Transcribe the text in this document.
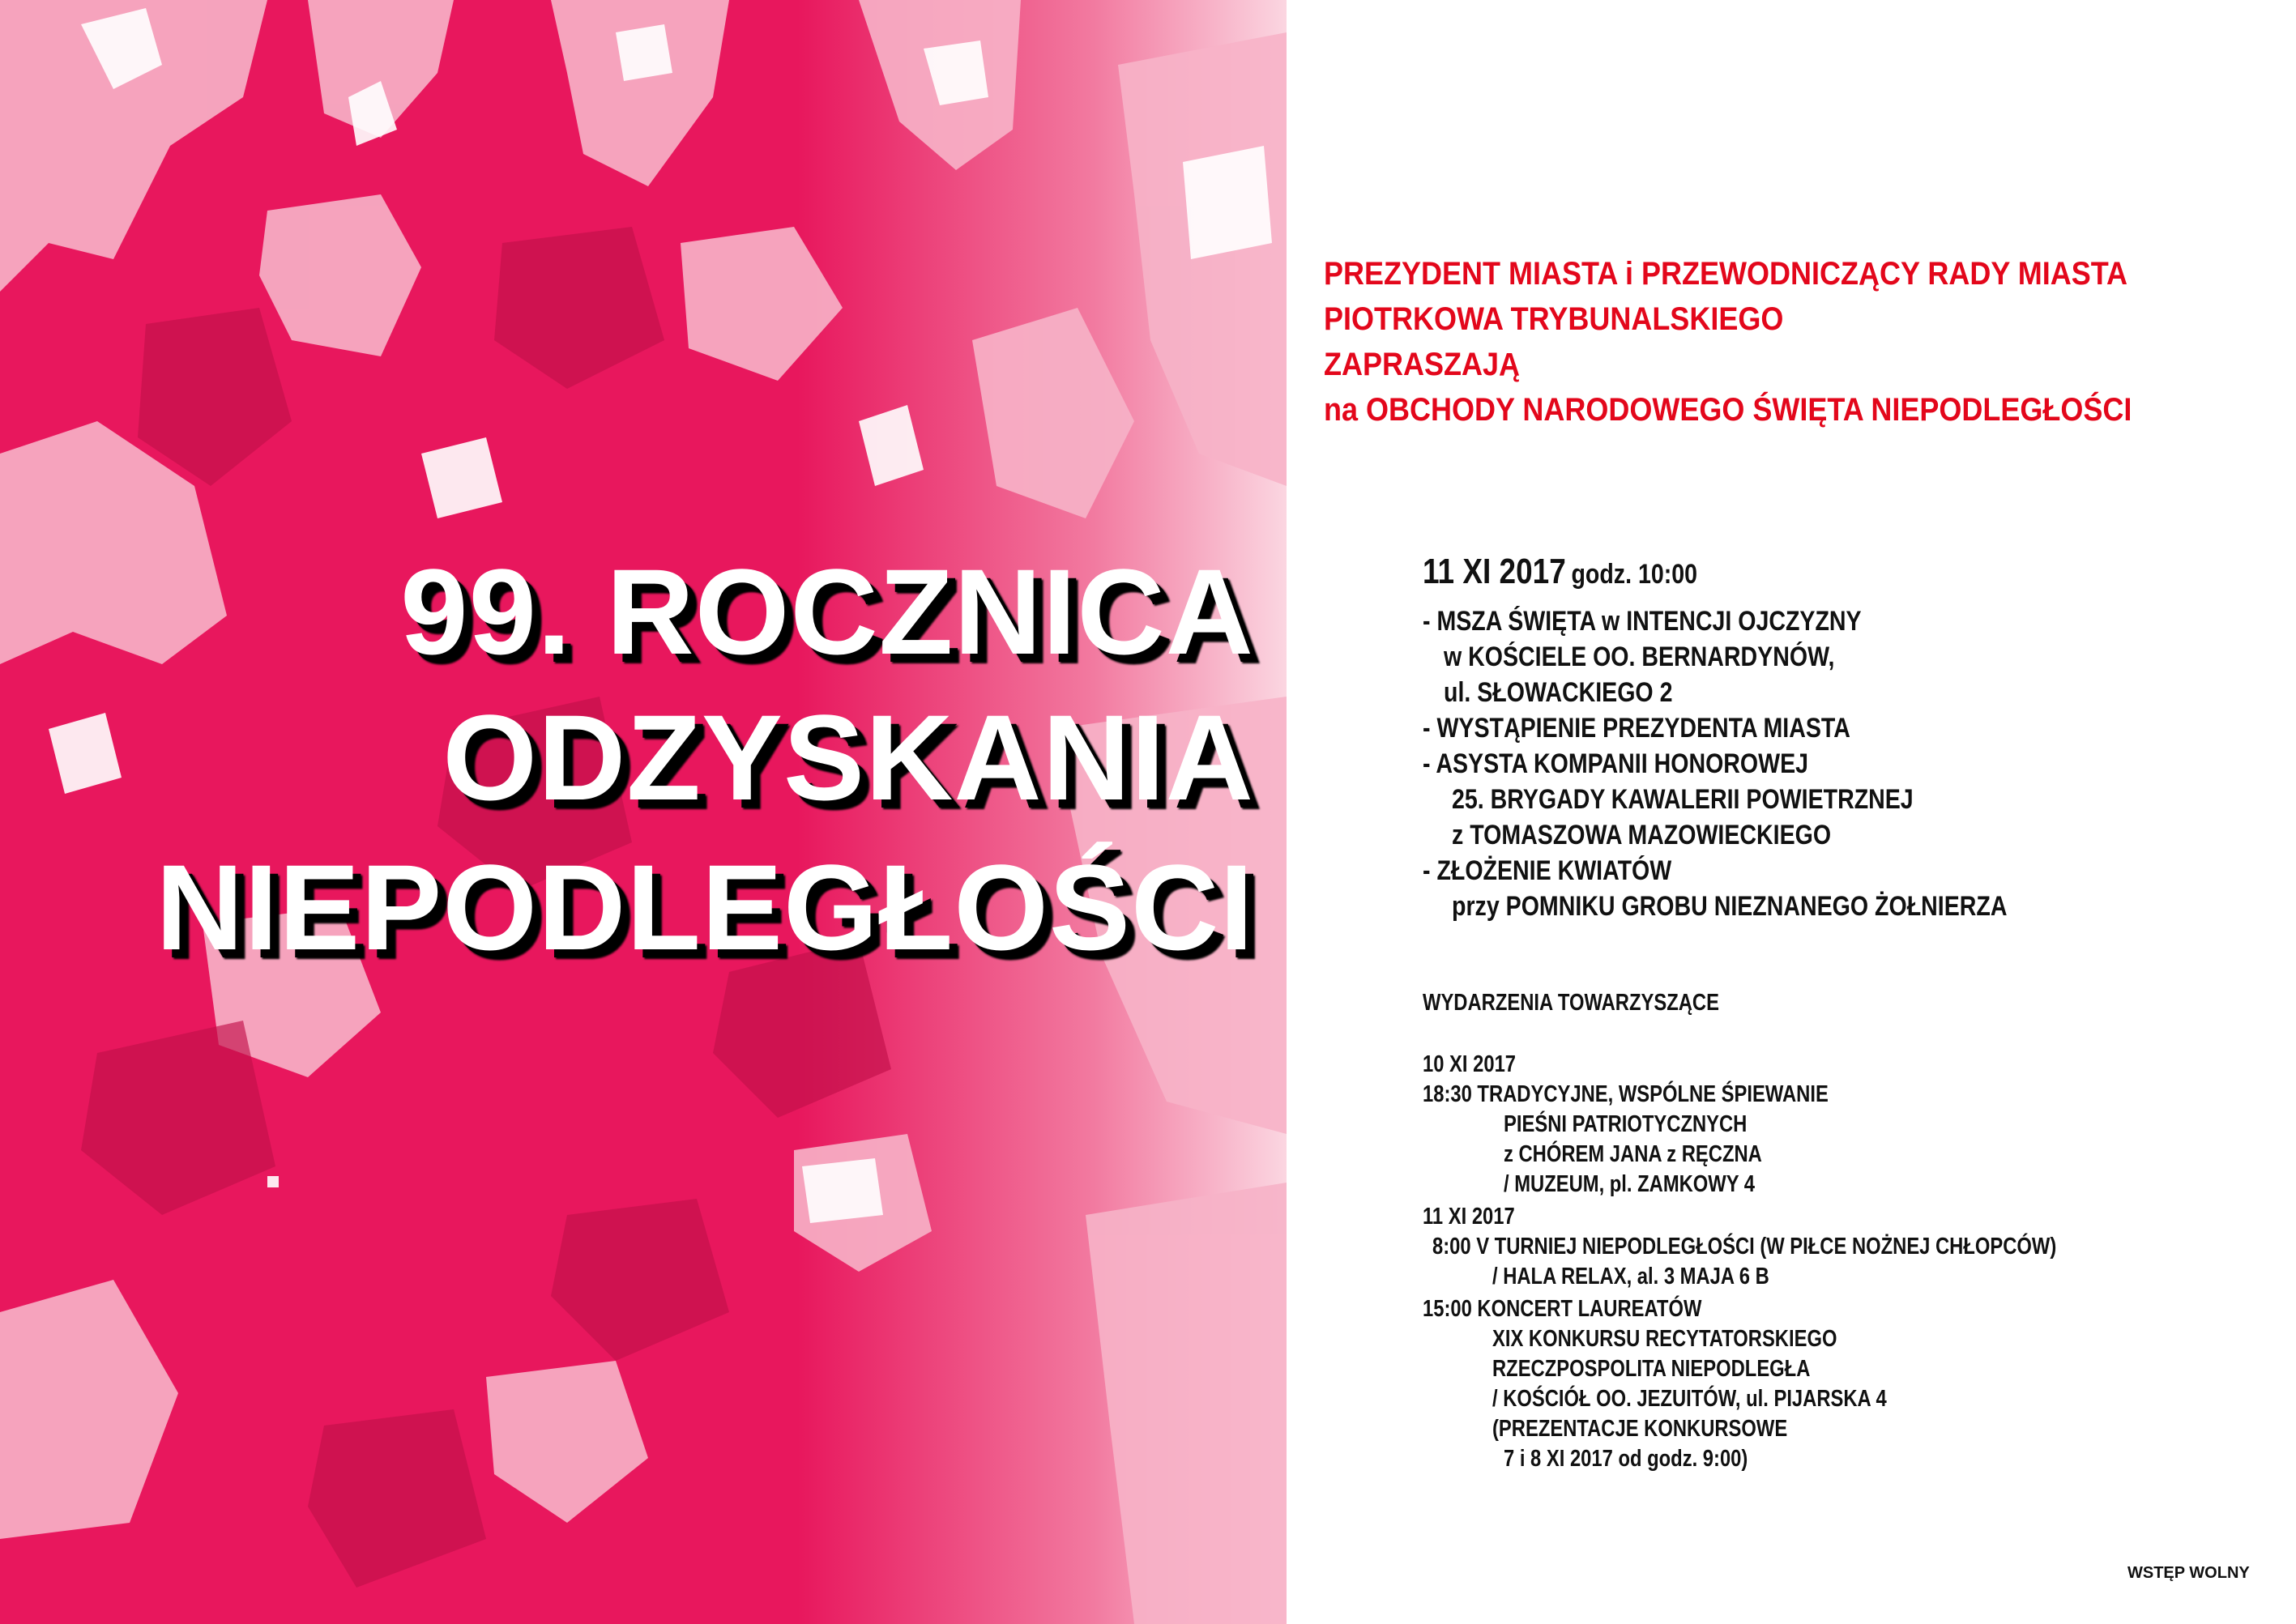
99. ROCZNICA
ODZYSKANIA
NIEPODLEGŁOŚCI

PREZYDENT MIASTA i PRZEWODNICZĄCY RADY MIASTA

PIOTRKOWA TRYBUNALSKIEGO

ZAPRASZAJĄ

na OBCHODY NARODOWEGO ŚWIĘTA NIEPODLEGŁOŚCI

11 XI 2017 godz. 10:00

- MSZA ŚWIĘTA w INTENCJI OJCZYZNY

w KOŚCIELE OO. BERNARDYNÓW,

ul. SŁOWACKIEGO 2

- WYSTĄPIENIE PREZYDENTA MIASTA

- ASYSTA KOMPANII HONOROWEJ

25. BRYGADY KAWALERII POWIETRZNEJ

z TOMASZOWA MAZOWIECKIEGO

- ZŁOŻENIE KWIATÓW

przy POMNIKU GROBU NIEZNANEGO ŻOŁNIERZA

WYDARZENIA TOWARZYSZĄCE

10 XI 2017

18:30 TRADYCYJNE, WSPÓLNE ŚPIEWANIE

PIEŚNI PATRIOTYCZNYCH

z CHÓREM JANA z RĘCZNA

/ MUZEUM, pl. ZAMKOWY 4

11 XI 2017

8:00 V TURNIEJ NIEPODLEGŁOŚCI (W PIŁCE NOŻNEJ CHŁOPCÓW)

/ HALA RELAX, al. 3 MAJA 6 B

15:00 KONCERT LAUREATÓW

XIX KONKURSU RECYTATORSKIEGO

RZECZPOSPOLITA NIEPODLEGŁA

/ KOŚCIÓŁ OO. JEZUITÓW, ul. PIJARSKA 4

(PREZENTACJE KONKURSOWE

7 i 8 XI 2017 od godz. 9:00)

WSTĘP WOLNY
